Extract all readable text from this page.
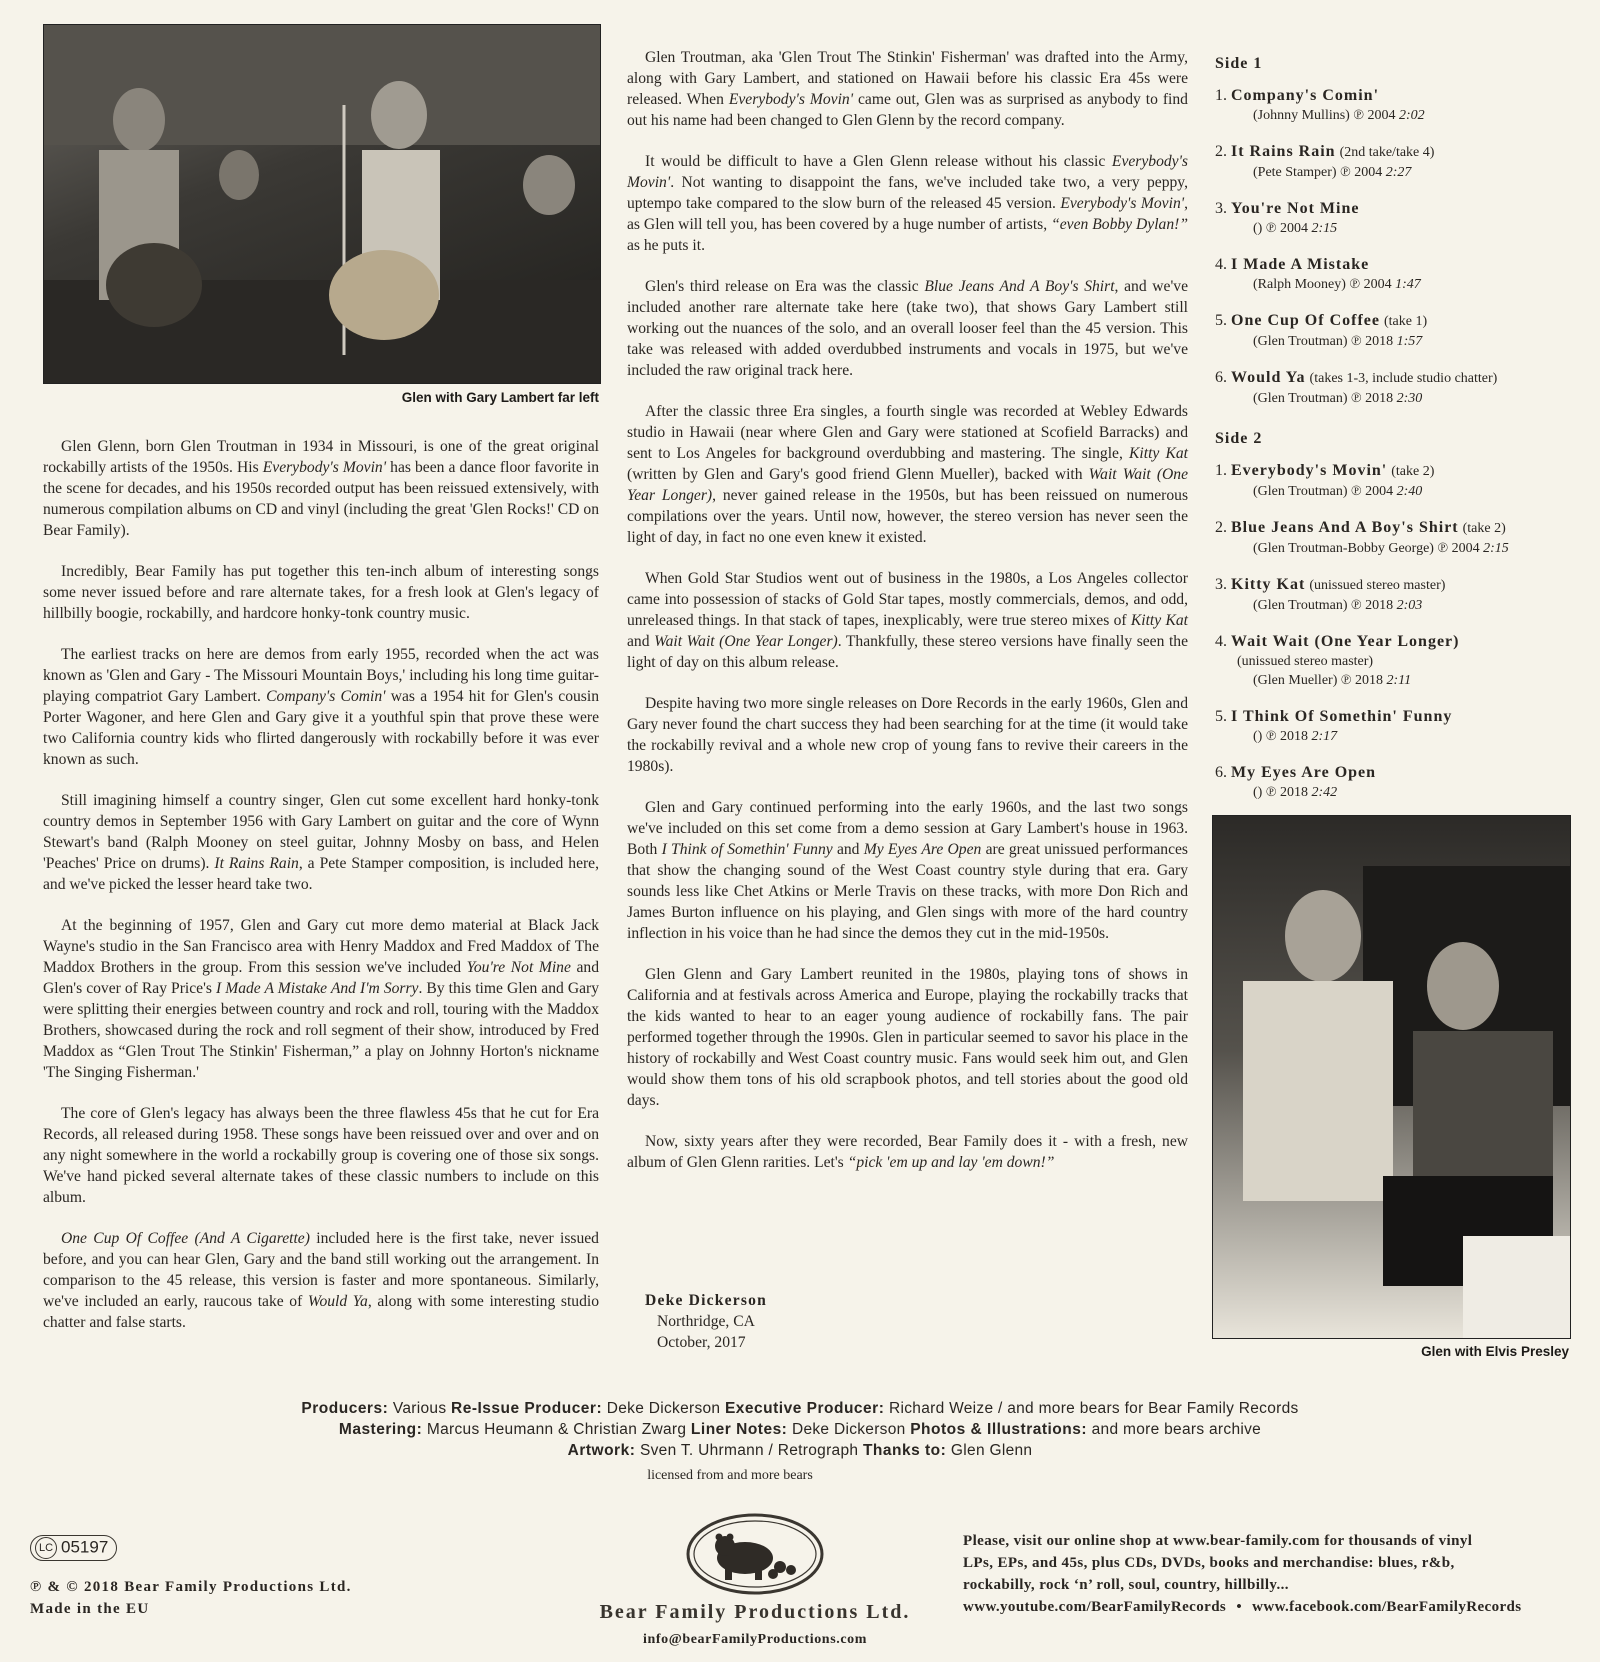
Glen with Gary Lambert far left

Glen Glenn, born Glen Troutman in 1934 in Missouri, is one of the great original rockabilly artists of the 1950s. His Everybody's Movin' has been a dance floor favorite in the scene for decades, and his 1950s recorded output has been reissued extensively, with numerous compilation albums on CD and vinyl (including the great 'Glen Rocks!' CD on Bear Family).

Incredibly, Bear Family has put together this ten-inch album of interesting songs some never issued before and rare alternate takes, for a fresh look at Glen's legacy of hillbilly boogie, rockabilly, and hardcore honky-tonk country music.

The earliest tracks on here are demos from early 1955, recorded when the act was known as 'Glen and Gary - The Missouri Mountain Boys,' including his long time guitar-playing compatriot Gary Lambert. Company's Comin' was a 1954 hit for Glen's cousin Porter Wagoner, and here Glen and Gary give it a youthful spin that prove these were two California country kids who flirted dangerously with rockabilly before it was ever known as such.

Still imagining himself a country singer, Glen cut some excellent hard honky-tonk country demos in September 1956 with Gary Lambert on guitar and the core of Wynn Stewart's band (Ralph Mooney on steel guitar, Johnny Mosby on bass, and Helen 'Peaches' Price on drums). It Rains Rain, a Pete Stamper composition, is included here, and we've picked the lesser heard take two.

At the beginning of 1957, Glen and Gary cut more demo material at Black Jack Wayne's studio in the San Francisco area with Henry Maddox and Fred Maddox of The Maddox Brothers in the group. From this session we've included You're Not Mine and Glen's cover of Ray Price's I Made A Mistake And I'm Sorry. By this time Glen and Gary were splitting their energies between country and rock and roll, touring with the Maddox Brothers, showcased during the rock and roll segment of their show, introduced by Fred Maddox as “Glen Trout The Stinkin' Fisherman,” a play on Johnny Horton's nickname 'The Singing Fisherman.'

The core of Glen's legacy has always been the three flawless 45s that he cut for Era Records, all released during 1958. These songs have been reissued over and over and on any night somewhere in the world a rockabilly group is covering one of those six songs. We've hand picked several alternate takes of these classic numbers to include on this album.

One Cup Of Coffee (And A Cigarette) included here is the first take, never issued before, and you can hear Glen, Gary and the band still working out the arrangement. In comparison to the 45 release, this version is faster and more spontaneous. Similarly, we've included an early, raucous take of Would Ya, along with some interesting studio chatter and false starts.

Glen Troutman, aka 'Glen Trout The Stinkin' Fisherman' was drafted into the Army, along with Gary Lambert, and stationed on Hawaii before his classic Era 45s were released. When Everybody's Movin' came out, Glen was as surprised as anybody to find out his name had been changed to Glen Glenn by the record company.

It would be difficult to have a Glen Glenn release without his classic Everybody's Movin'. Not wanting to disappoint the fans, we've included take two, a very peppy, uptempo take compared to the slow burn of the released 45 version. Everybody's Movin', as Glen will tell you, has been covered by a huge number of artists, “even Bobby Dylan!” as he puts it.

Glen's third release on Era was the classic Blue Jeans And A Boy's Shirt, and we've included another rare alternate take here (take two), that shows Gary Lambert still working out the nuances of the solo, and an overall looser feel than the 45 version. This take was released with added overdubbed instruments and vocals in 1975, but we've included the raw original track here.

After the classic three Era singles, a fourth single was recorded at Webley Edwards studio in Hawaii (near where Glen and Gary were stationed at Scofield Barracks) and sent to Los Angeles for background overdubbing and mastering. The single, Kitty Kat (written by Glen and Gary's good friend Glenn Mueller), backed with Wait Wait (One Year Longer), never gained release in the 1950s, but has been reissued on numerous compilations over the years. Until now, however, the stereo version has never seen the light of day, in fact no one even knew it existed.

When Gold Star Studios went out of business in the 1980s, a Los Angeles collector came into possession of stacks of Gold Star tapes, mostly commercials, demos, and odd, unreleased things. In that stack of tapes, inexplicably, were true stereo mixes of Kitty Kat and Wait Wait (One Year Longer). Thankfully, these stereo versions have finally seen the light of day on this album release.

Despite having two more single releases on Dore Records in the early 1960s, Glen and Gary never found the chart success they had been searching for at the time (it would take the rockabilly revival and a whole new crop of young fans to revive their careers in the 1980s).

Glen and Gary continued performing into the early 1960s, and the last two songs we've included on this set come from a demo session at Gary Lambert's house in 1963. Both I Think of Somethin' Funny and My Eyes Are Open are great unissued performances that show the changing sound of the West Coast country style during that era. Gary sounds less like Chet Atkins or Merle Travis on these tracks, with more Don Rich and James Burton influence on his playing, and Glen sings with more of the hard country inflection in his voice than he had since the demos they cut in the mid-1950s.

Glen Glenn and Gary Lambert reunited in the 1980s, playing tons of shows in California and at festivals across America and Europe, playing the rockabilly tracks that the kids wanted to hear to an eager young audience of rockabilly fans. The pair performed together through the 1990s. Glen in particular seemed to savor his place in the history of rockabilly and West Coast country music. Fans would seek him out, and Glen would show them tons of his old scrapbook photos, and tell stories about the good old days.

Now, sixty years after they were recorded, Bear Family does it - with a fresh, new album of Glen Glenn rarities. Let's “pick 'em up and lay 'em down!”

Deke Dickerson
Northridge, CA
October, 2017
Side 1
1. Company's Comin'
(Johnny Mullins) ℗ 2004 2:02
2. It Rains Rain (2nd take/take 4)
(Pete Stamper) ℗ 2004 2:27
3. You're Not Mine
() ℗ 2004 2:15
4. I Made A Mistake
(Ralph Mooney) ℗ 2004 1:47
5. One Cup Of Coffee (take 1)
(Glen Troutman) ℗ 2018 1:57
6. Would Ya (takes 1-3, include studio chatter)
(Glen Troutman) ℗ 2018 2:30
Side 2
1. Everybody's Movin' (take 2)
(Glen Troutman) ℗ 2004 2:40
2. Blue Jeans And A Boy's Shirt (take 2)
(Glen Troutman-Bobby George) ℗ 2004 2:15
3. Kitty Kat (unissued stereo master)
(Glen Troutman) ℗ 2018 2:03
4. Wait Wait (One Year Longer)
(unissued stereo master)
(Glen Mueller) ℗ 2018 2:11
5. I Think Of Somethin' Funny
() ℗ 2018 2:17
6. My Eyes Are Open
() ℗ 2018 2:42
Glen with Elvis Presley
Producers: Various Re-Issue Producer: Deke Dickerson Executive Producer: Richard Weize / and more bears for Bear Family Records
Mastering: Marcus Heumann & Christian Zwarg Liner Notes: Deke Dickerson Photos & Illustrations: and more bears archive
Artwork: Sven T. Uhrmann / Retrograph Thanks to: Glen Glenn
licensed from and more bears
LC 05197
℗ & © 2018 Bear Family Productions Ltd.
Made in the EU	Bear Family Productions Ltd.
info@bearFamilyProductions.com
Please, visit our online shop at www.bear-family.com for thousands of vinyl
LPs, EPs, and 45s, plus CDs, DVDs, books and merchandise: blues, r&b,
rockabilly, rock ‘n’ roll, soul, country, hillbilly...
www.youtube.com/BearFamilyRecords • www.facebook.com/BearFamilyRecords
